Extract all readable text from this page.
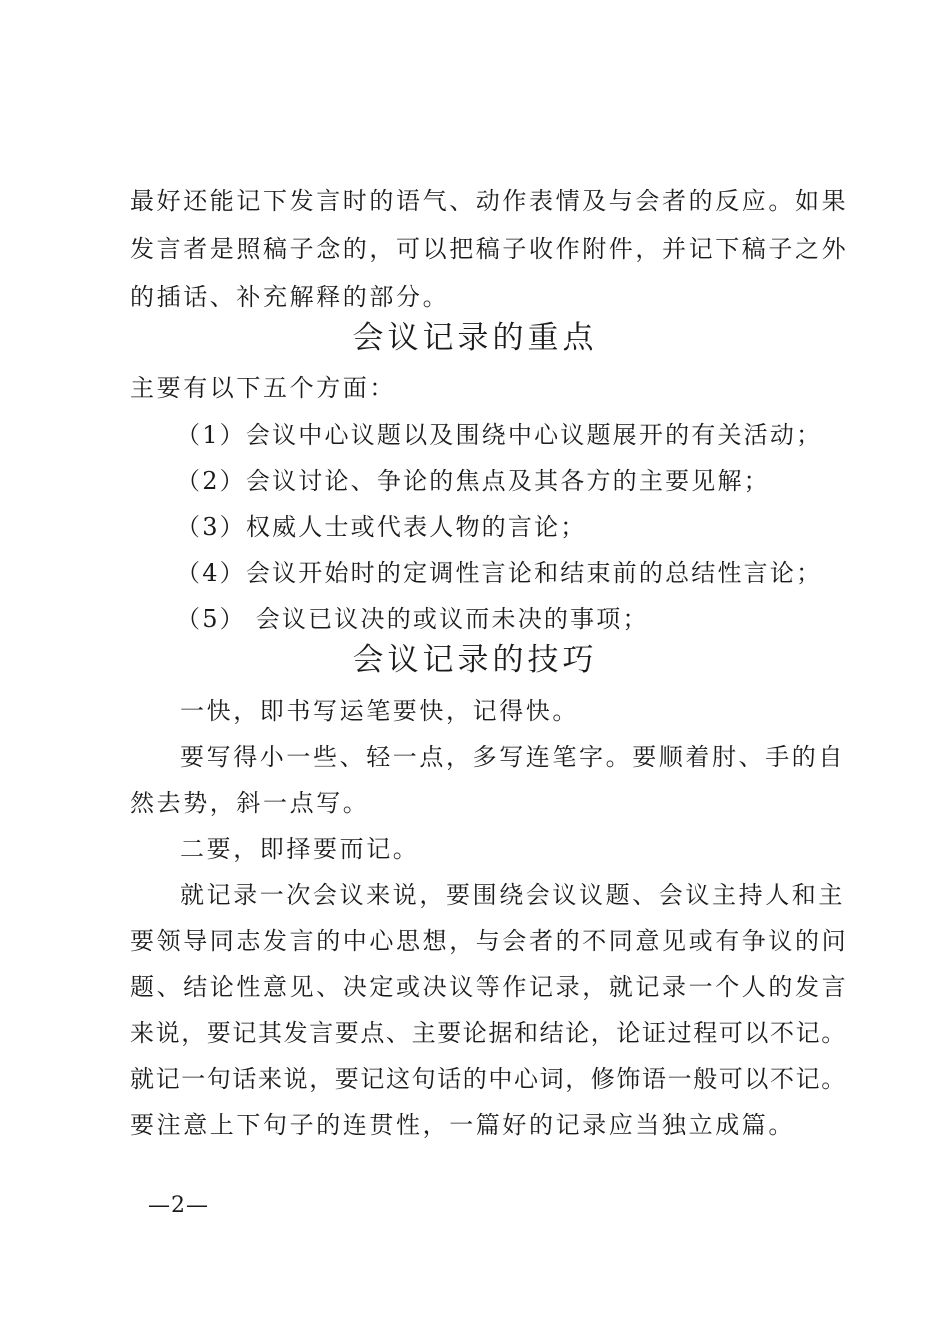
最好还能记下发言时的语气、动作表情及与会者的反应。如果
发言者是照稿子念的，可以把稿子收作附件，并记下稿子之外
的插话、补充解释的部分。
会议记录的重点
主要有以下五个方面：
（1）会议中心议题以及围绕中心议题展开的有关活动；
（2）会议讨论、争论的焦点及其各方的主要见解；
（3）权威人士或代表人物的言论；
（4）会议开始时的定调性言论和结束前的总结性言论；
（5） 会议已议决的或议而未决的事项；
会议记录的技巧
一快，即书写运笔要快，记得快。
要写得小一些、轻一点，多写连笔字。要顺着肘、手的自
然去势，斜一点写。
二要，即择要而记。
就记录一次会议来说，要围绕会议议题、会议主持人和主
要领导同志发言的中心思想，与会者的不同意见或有争议的问
题、结论性意见、决定或决议等作记录，就记录一个人的发言
来说，要记其发言要点、主要论据和结论，论证过程可以不记。
就记一句话来说，要记这句话的中心词，修饰语一般可以不记。
要注意上下句子的连贯性，一篇好的记录应当独立成篇。
—2—
